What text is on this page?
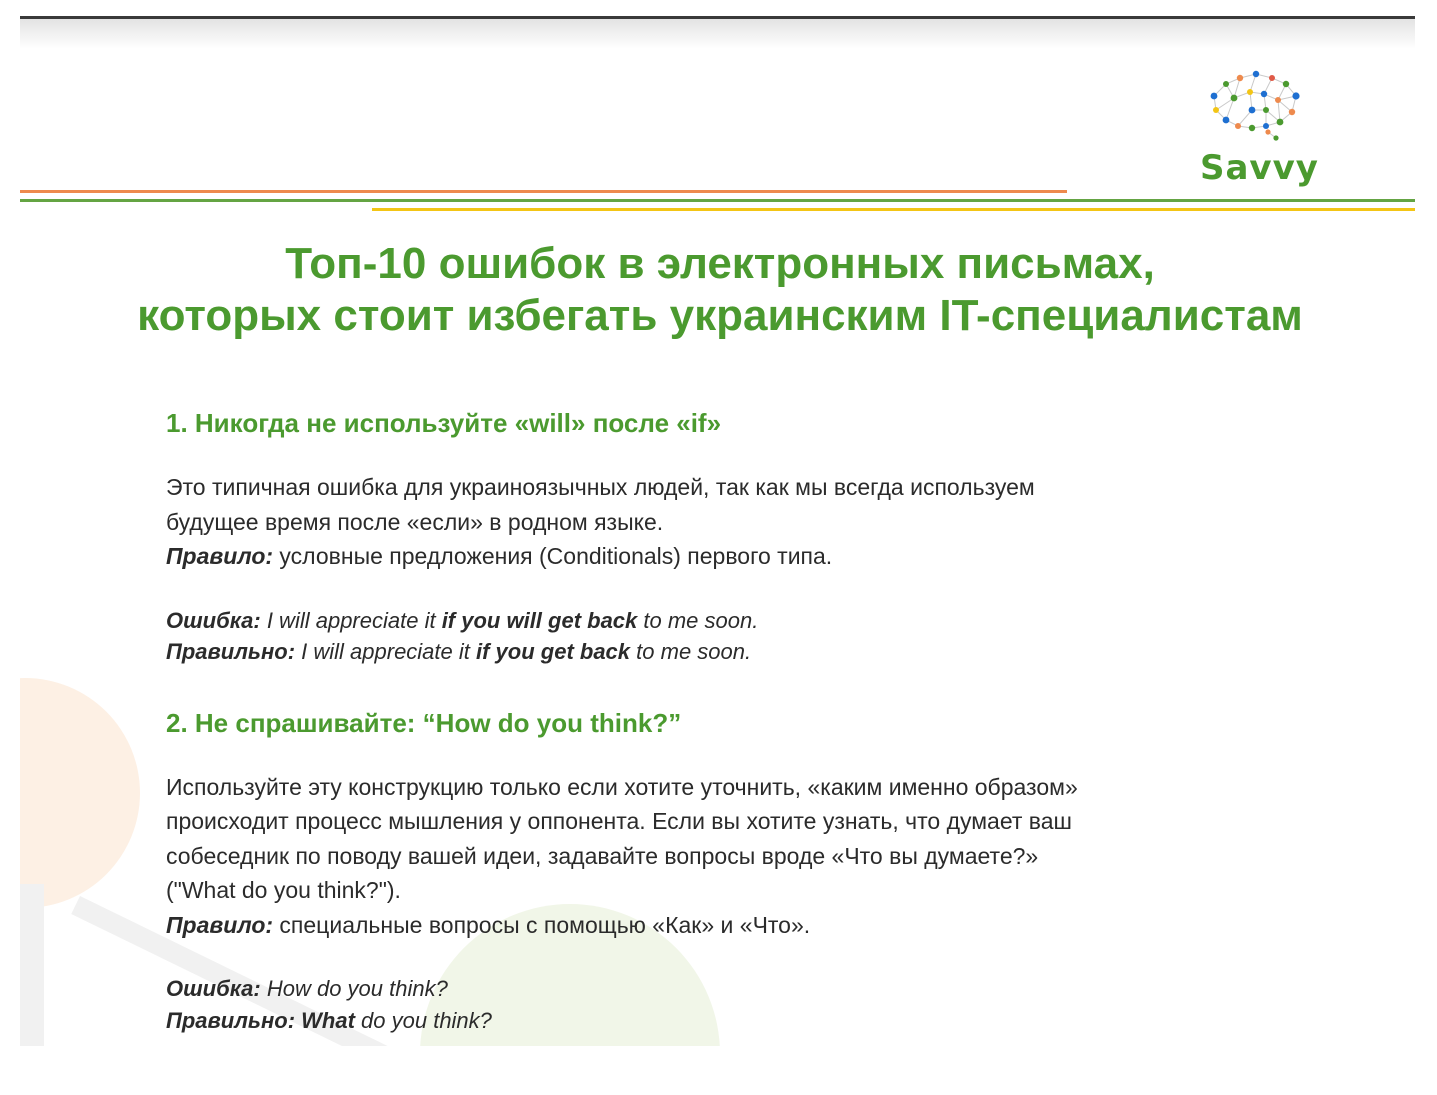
Savvy
Топ-10 ошибок в электронных письмах,
которых стоит избегать украинским IT-специалистам
1. Никогда не используйте «will» после «if»
Это типичная ошибка для украиноязычных людей, так как мы всегда используем
будущее время после «если» в родном языке.
Правило: условные предложения (Conditionals) первого типа.
Ошибка: I will appreciate it if you will get back to me soon.
Правильно: I will appreciate it if you get back to me soon.
2. Не спрашивайте: “How do you think?”
Используйте эту конструкцию только если хотите уточнить, «каким именно образом»
происходит процесс мышления у оппонента. Если вы хотите узнать, что думает ваш
собеседник по поводу вашей идеи, задавайте вопросы вроде «Что вы думаете?»
("What do you think?").
Правило: специальные вопросы с помощью «Как» и «Что».
Ошибка: How do you think?
Правильно: What do you think?
